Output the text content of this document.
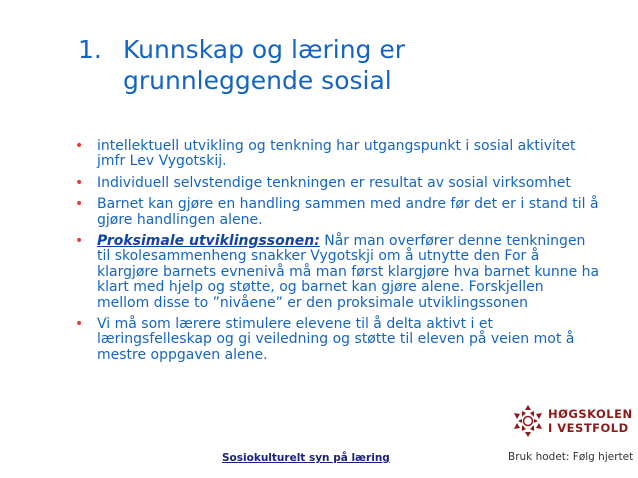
1. Kunnskap og læring er
grunnleggende sosial
• intellektuell utvikling og tenkning har utgangspunkt i sosial aktivitet jmfr Lev Vygotskij.
• Individuell selvstendige tenkningen er resultat av sosial virksomhet
• Barnet kan gjøre en handling sammen med andre før det er i stand til å gjøre handlingen alene.
• Proksimale utviklingssonen: Når man overfører denne tenkningen til skolesammenheng snakker Vygotskji om å utnytte den For å klargjøre barnets evnenivå må man først klargjøre hva barnet kunne ha klart med hjelp og støtte, og barnet kan gjøre alene. Forskjellen mellom disse to ”nivåene” er den proksimale utviklingssonen
• Vi må som lærere stimulere elevene til å delta aktivt i et læringsfelleskap og gi veiledning og støtte til eleven på veien mot å mestre oppgaven alene.
Sosiokulturelt syn på læring
HØGSKOLEN
I VESTFOLD
Bruk hodet: Følg hjertet
